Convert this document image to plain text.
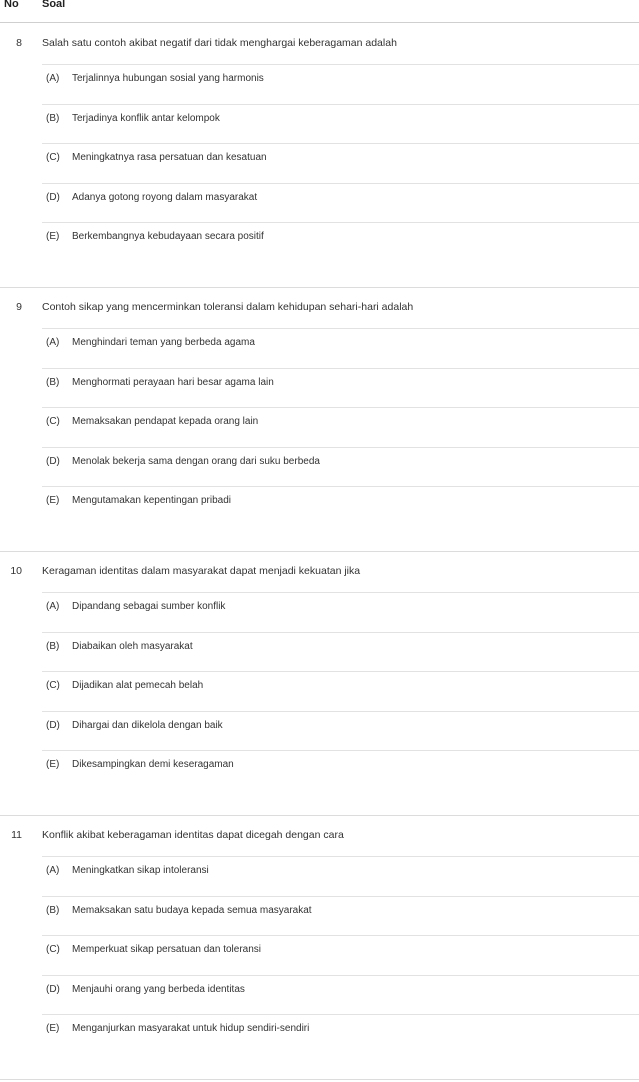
No Soal
8 Salah satu contoh akibat negatif dari tidak menghargai keberagaman adalah
(A) Terjalinnya hubungan sosial yang harmonis
(B) Terjadinya konflik antar kelompok
(C) Meningkatnya rasa persatuan dan kesatuan
(D) Adanya gotong royong dalam masyarakat
(E) Berkembangnya kebudayaan secara positif
9 Contoh sikap yang mencerminkan toleransi dalam kehidupan sehari-hari adalah
(A) Menghindari teman yang berbeda agama
(B) Menghormati perayaan hari besar agama lain
(C) Memaksakan pendapat kepada orang lain
(D) Menolak bekerja sama dengan orang dari suku berbeda
(E) Mengutamakan kepentingan pribadi
10 Keragaman identitas dalam masyarakat dapat menjadi kekuatan jika
(A) Dipandang sebagai sumber konflik
(B) Diabaikan oleh masyarakat
(C) Dijadikan alat pemecah belah
(D) Dihargai dan dikelola dengan baik
(E) Dikesampingkan demi keseragaman
11 Konflik akibat keberagaman identitas dapat dicegah dengan cara
(A) Meningkatkan sikap intoleransi
(B) Memaksakan satu budaya kepada semua masyarakat
(C) Memperkuat sikap persatuan dan toleransi
(D) Menjauhi orang yang berbeda identitas
(E) Menganjurkan masyarakat untuk hidup sendiri-sendiri
